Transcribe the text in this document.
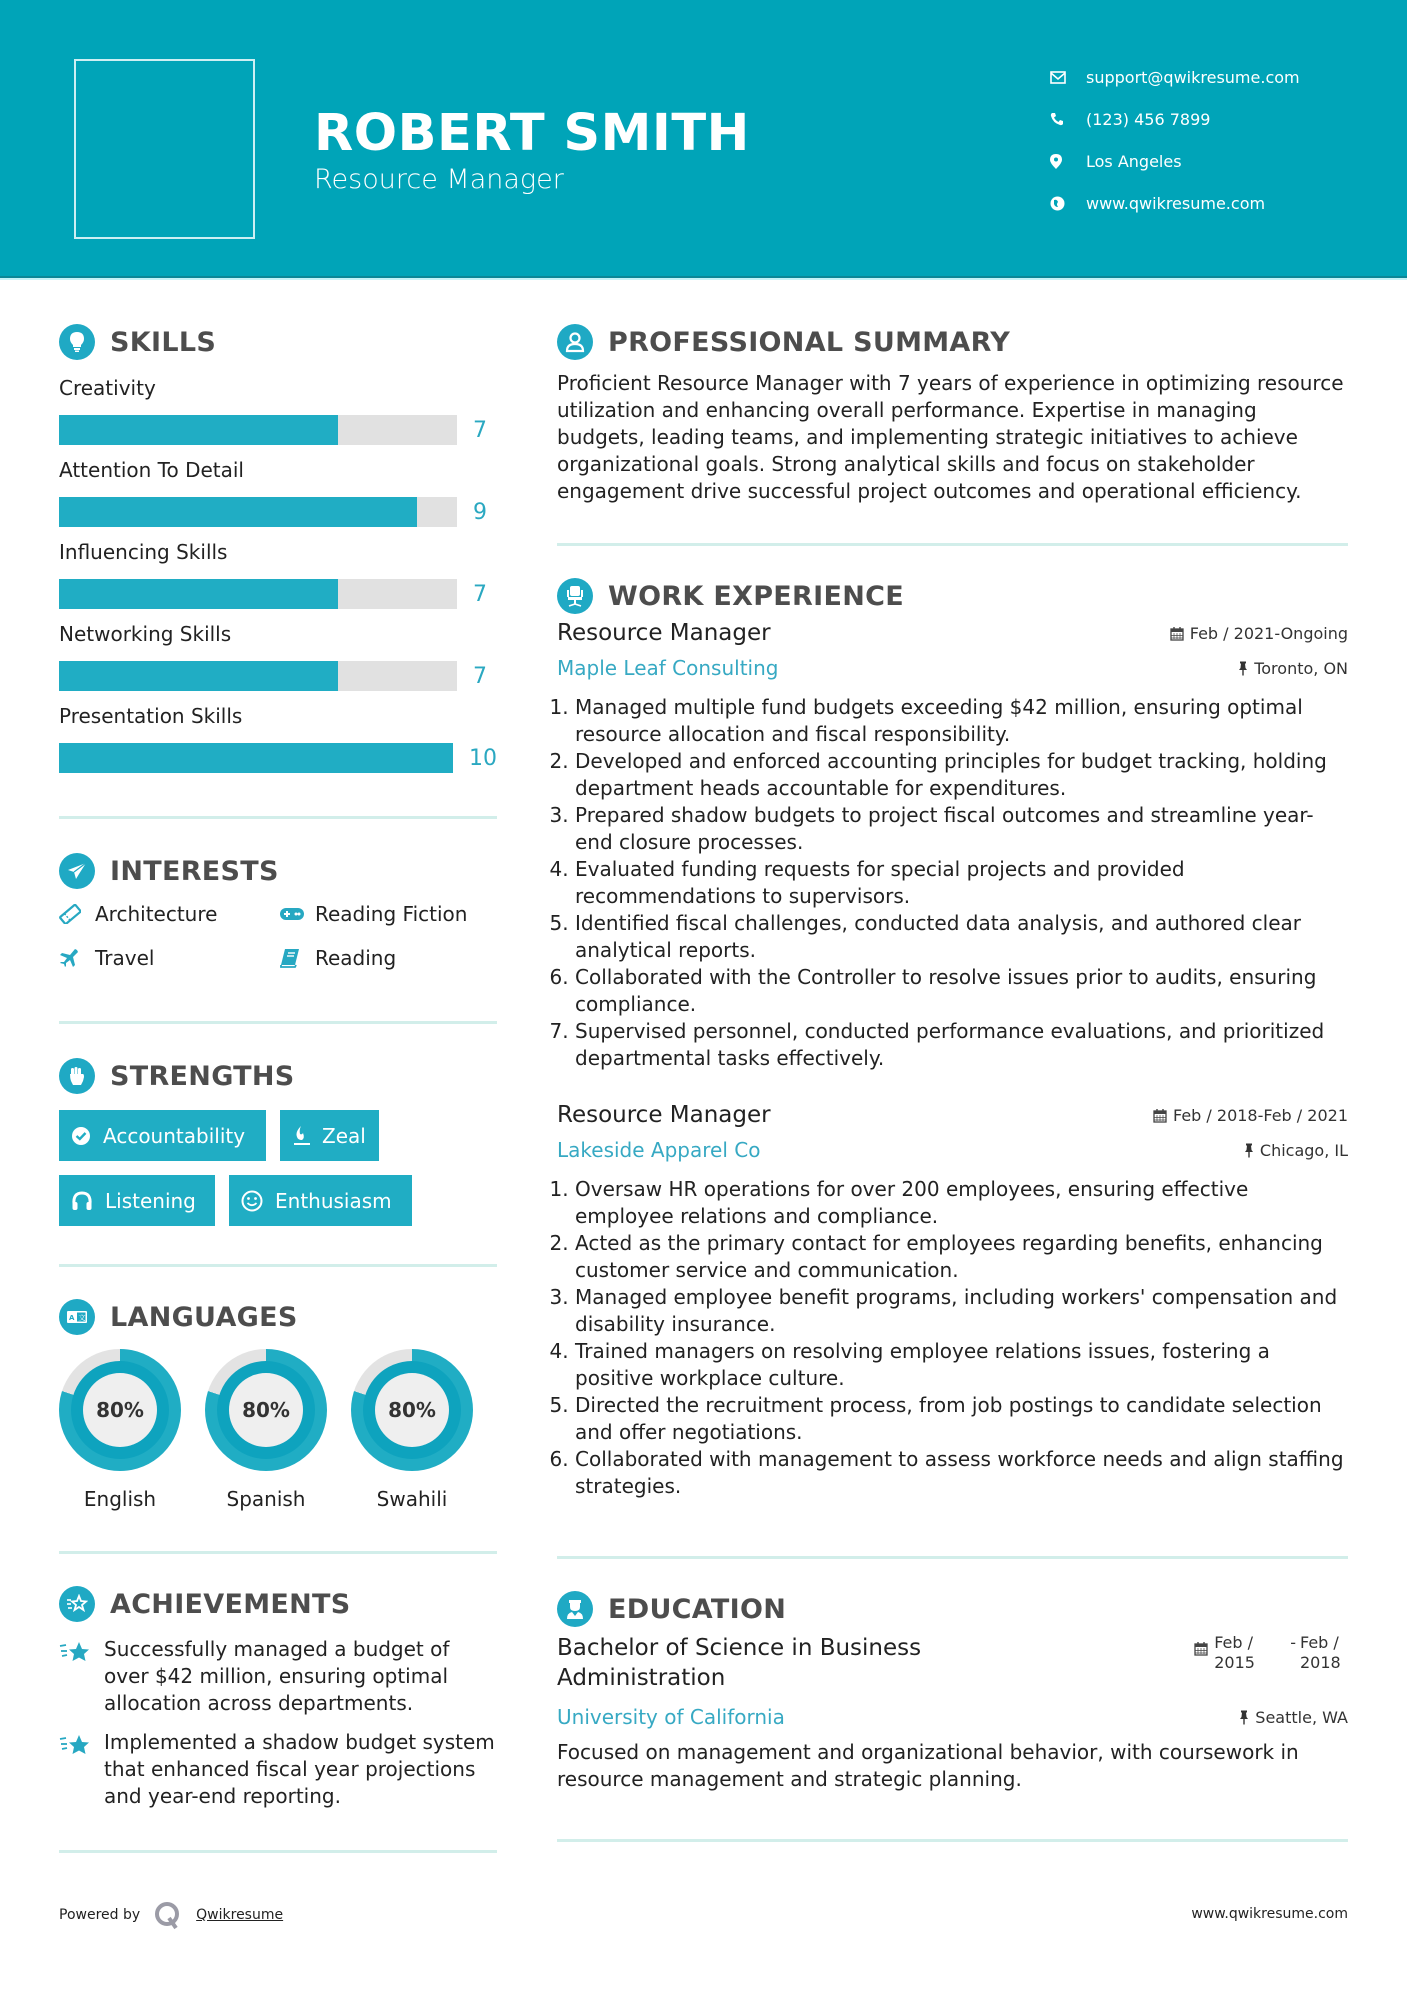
ROBERT SMITH
Resource Manager
support@qwikresume.com
(123) 456 7899
Los Angeles
www.qwikresume.com
SKILLS
Creativity
7
Attention To Detail
9
Influencing Skills
7
Networking Skills
7
Presentation Skills
10
INTERESTS
Architecture	Reading Fiction
Travel	Reading
STRENGTHS
Accountability	Zeal
Listening	Enthusiasm
A 文 LANGUAGES
80%
English
80%
Spanish
80%
Swahili
ACHIEVEMENTS
Successfully managed a budget of over $42 million, ensuring optimal allocation across departments.
Implemented a shadow budget system that enhanced fiscal year projections and year-end reporting.
PROFESSIONAL SUMMARY
Proficient Resource Manager with 7 years of experience in optimizing resource utilization and enhancing overall performance. Expertise in managing budgets, leading teams, and implementing strategic initiatives to achieve organizational goals. Strong analytical skills and focus on stakeholder engagement drive successful project outcomes and operational efficiency.
WORK EXPERIENCE
Resource Manager	Feb / 2021-Ongoing
Maple Leaf Consulting	Toronto, ON
1. Managed multiple fund budgets exceeding $42 million, ensuring optimal resource allocation and fiscal responsibility.
2. Developed and enforced accounting principles for budget tracking, holding department heads accountable for expenditures.
3. Prepared shadow budgets to project fiscal outcomes and streamline year-end closure processes.
4. Evaluated funding requests for special projects and provided recommendations to supervisors.
5. Identified fiscal challenges, conducted data analysis, and authored clear analytical reports.
6. Collaborated with the Controller to resolve issues prior to audits, ensuring compliance.
7. Supervised personnel, conducted performance evaluations, and prioritized departmental tasks effectively.
Resource Manager	Feb / 2018-Feb / 2021
Lakeside Apparel Co	Chicago, IL
1. Oversaw HR operations for over 200 employees, ensuring effective employee relations and compliance.
2. Acted as the primary contact for employees regarding benefits, enhancing customer service and communication.
3. Managed employee benefit programs, including workers' compensation and disability insurance.
4. Trained managers on resolving employee relations issues, fostering a positive workplace culture.
5. Directed the recruitment process, from job postings to candidate selection and offer negotiations.
6. Collaborated with management to assess workforce needs and align staffing strategies.
EDUCATION
Bachelor of Science in Business Administration
Feb / 2015
- Feb / 2018
University of California	Seattle, WA
Focused on management and organizational behavior, with coursework in resource management and strategic planning.
Powered by	Qwikresume	www.qwikresume.com
